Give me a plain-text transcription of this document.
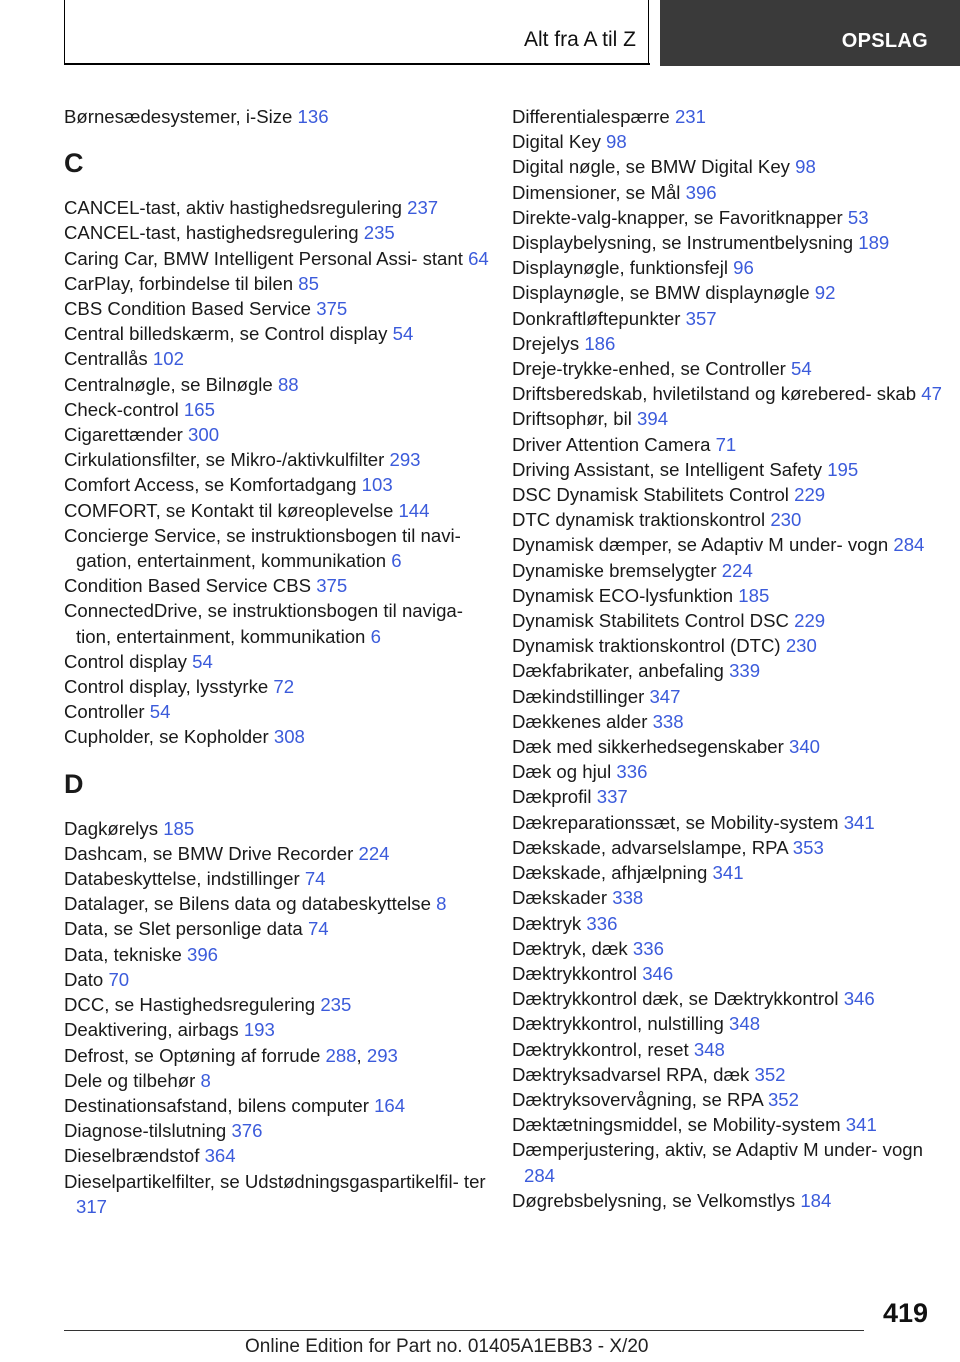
Alt fra A til Z	OPSLAG
Børnesædesystemer, i-Size 136
C
CANCEL-tast, aktiv hastighedsregulering 237
CANCEL-tast, hastighedsregulering 235
Caring Car, BMW Intelligent Personal Assi- stant 64
CarPlay, forbindelse til bilen 85
CBS Condition Based Service 375
Central billedskærm, se Control display 54
Centrallås 102
Centralnøgle, se Bilnøgle 88
Check-control 165
Cigarettænder 300
Cirkulationsfilter, se Mikro-/aktivkulfilter 293
Comfort Access, se Komfortadgang 103
COMFORT, se Kontakt til køreoplevelse 144
Concierge Service, se instruktionsbogen til navi- gation, entertainment, kommunikation 6
Condition Based Service CBS 375
ConnectedDrive, se instruktionsbogen til naviga- tion, entertainment, kommunikation 6
Control display 54
Control display, lysstyrke 72
Controller 54
Cupholder, se Kopholder 308
D
Dagkørelys 185
Dashcam, se BMW Drive Recorder 224
Databeskyttelse, indstillinger 74
Datalager, se Bilens data og databeskyttelse 8
Data, se Slet personlige data 74
Data, tekniske 396
Dato 70
DCC, se Hastighedsregulering 235
Deaktivering, airbags 193
Defrost, se Optøning af forrude 288, 293
Dele og tilbehør 8
Destinationsafstand, bilens computer 164
Diagnose-tilslutning 376
Dieselbrændstof 364
Dieselpartikelfilter, se Udstødningsgaspartikelfil- ter 317
Differentialespærre 231
Digital Key 98
Digital nøgle, se BMW Digital Key 98
Dimensioner, se Mål 396
Direkte-valg-knapper, se Favoritknapper 53
Displaybelysning, se Instrumentbelysning 189
Displaynøgle, funktionsfejl 96
Displaynøgle, se BMW displaynøgle 92
Donkraftløftepunkter 357
Drejelys 186
Dreje-trykke-enhed, se Controller 54
Driftsberedskab, hviletilstand og kørebered- skab 47
Driftsophør, bil 394
Driver Attention Camera 71
Driving Assistant, se Intelligent Safety 195
DSC Dynamisk Stabilitets Control 229
DTC dynamisk traktionskontrol 230
Dynamisk dæmper, se Adaptiv M under- vogn 284
Dynamiske bremselygter 224
Dynamisk ECO-lysfunktion 185
Dynamisk Stabilitets Control DSC 229
Dynamisk traktionskontrol (DTC) 230
Dækfabrikater, anbefaling 339
Dækindstillinger 347
Dækkenes alder 338
Dæk med sikkerhedsegenskaber 340
Dæk og hjul 336
Dækprofil 337
Dækreparationssæt, se Mobility-system 341
Dækskade, advarselslampe, RPA 353
Dækskade, afhjælpning 341
Dækskader 338
Dæktryk 336
Dæktryk, dæk 336
Dæktrykkontrol 346
Dæktrykkontrol dæk, se Dæktrykkontrol 346
Dæktrykkontrol, nulstilling 348
Dæktrykkontrol, reset 348
Dæktryksadvarsel RPA, dæk 352
Dæktryksovervågning, se RPA 352
Dæktætningsmiddel, se Mobility-system 341
Dæmperjustering, aktiv, se Adaptiv M under- vogn 284
Døgrebsbelysning, se Velkomstlys 184
419
Online Edition for Part no. 01405A1EBB3 - X/20
